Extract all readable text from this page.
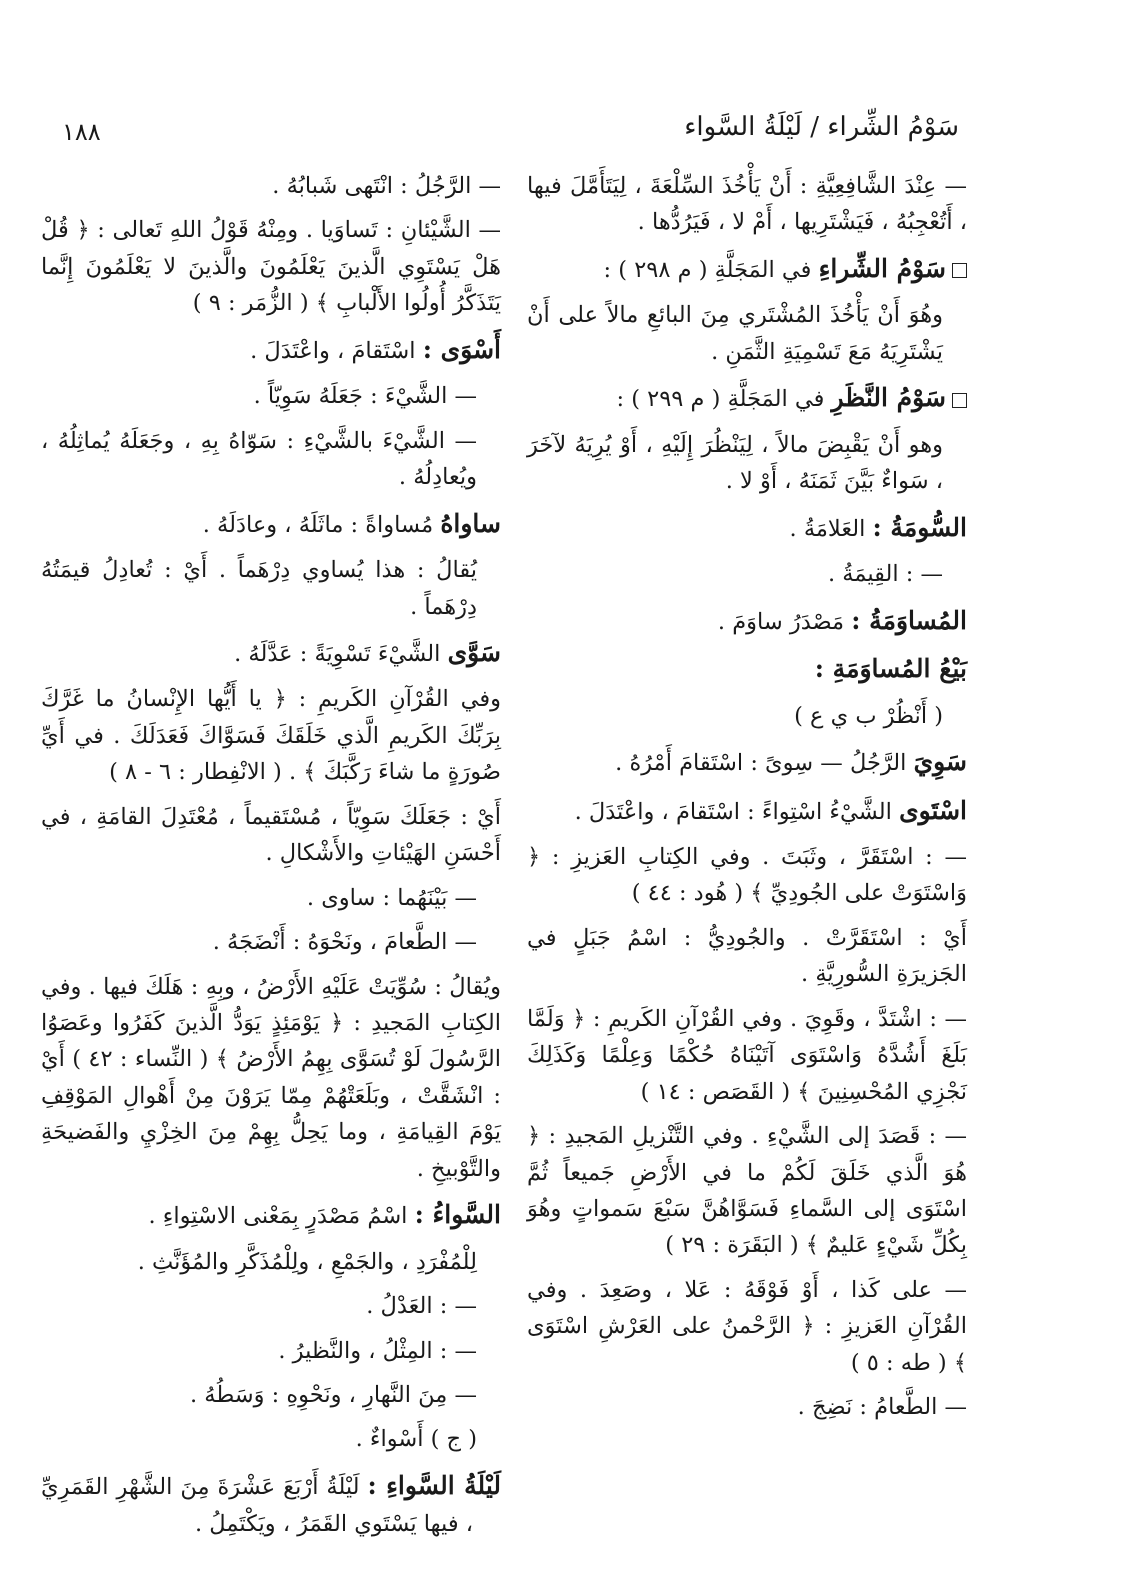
سَوْمُ الشِّراء / لَيْلَةُ السَّواء
١٨٨

— عِنْدَ الشَّافِعِيَّةِ : أَنْ يَأْخُذَ السِّلْعَةَ ، لِيَتَأَمَّلَ فيها ، أَتُعْجِبُهُ ، فَيَشْتَرِيها ، أَمْ لا ، فَيَرُدُّها .

سَوْمُ الشِّراءِ في المَجَلَّةِ ( م ٢٩٨ ) :

وهُوَ أَنْ يَأْخُذَ المُشْتَري مِنَ البائعِ مالاً على أَنْ يَشْتَرِيَهُ مَعَ تَسْمِيَةِ الثَّمَنِ .

سَوْمُ النَّظَرِ في المَجَلَّةِ ( م ٢٩٩ ) :

وهو أَنْ يَقْبِضَ مالاً ، لِيَنْظُرَ إِلَيْهِ ، أَوْ يُرِيَهُ لآخَرَ ، سَواءٌ بَيَّنَ ثَمَنَهُ ، أَوْ لا .

السُّومَةُ : العَلامَةُ .

— : القِيمَةُ .

المُساوَمَةُ : مَصْدَرُ ساوَمَ .

بَيْعُ المُساوَمَةِ :

( أَنْظُرْ ب ي ع )

سَوِيَ الرَّجُلُ — سِوىً : اسْتَقامَ أَمْرُهُ .

اسْتَوى الشَّيْءُ اسْتِواءً : اسْتَقامَ ، واعْتَدَلَ .

— : اسْتَقَرَّ ، وثَبَتَ . وفي الكِتابِ العَزيزِ : ﴿ وَاسْتَوَتْ على الجُودِيِّ ﴾ ( هُود : ٤٤ )

أَيْ : اسْتَقَرَّتْ . والجُودِيُّ : اسْمُ جَبَلٍ في الجَزيرَةِ السُّورِيَّةِ .

— : اشْتَدَّ ، وقَوِيَ . وفي القُرْآنِ الكَريمِ : ﴿ وَلَمَّا بَلَغَ أَشُدَّهُ وَاسْتَوَى آتَيْنَاهُ حُكْمًا وَعِلْمًا وَكَذَلِكَ نَجْزِي المُحْسِنِينَ ﴾ ( القَصَص : ١٤ )

— : قَصَدَ إلى الشَّيْءِ . وفي التَّنْزيلِ المَجيدِ : ﴿ هُوَ الَّذي خَلَقَ لَكُمْ ما في الأَرْضِ جَميعاً ثُمَّ اسْتَوَى إلى السَّماءِ فَسَوَّاهُنَّ سَبْعَ سَمواتٍ وهُوَ بِكُلِّ شَيْءٍ عَليمٌ ﴾ ( البَقَرَة : ٢٩ )

— على كَذا ، أَوْ فَوْقَهُ : عَلا ، وصَعِدَ . وفي القُرْآنِ العَزيزِ : ﴿ الرَّحْمنُ على العَرْشِ اسْتَوَى ﴾ ( طه : ٥ )

— الطَّعامُ : نَضِجَ .

— الرَّجُلُ : انْتَهى شَبابُهُ .

— الشَّيْئانِ : تَساوَيا . ومِنْهُ قَوْلُ اللهِ تَعالى : ﴿ قُلْ هَلْ يَسْتَوِي الَّذينَ يَعْلَمُونَ والَّذينَ لا يَعْلَمُونَ إِنَّما يَتَذَكَّرُ أُولُوا الأَلْبابِ ﴾ ( الزُّمَر : ٩ )

أَسْوَى : اسْتَقامَ ، واعْتَدَلَ .

— الشَّيْءَ : جَعَلَهُ سَوِيّاً .

— الشَّيْءَ بالشَّيْءِ : سَوّاهُ بِهِ ، وجَعَلَهُ يُماثِلُهُ ، ويُعادِلُهُ .

ساواهُ مُساواةً : ماثَلَهُ ، وعادَلَهُ .

يُقالُ : هذا يُساوي دِرْهَماً . أَيْ : تُعادِلُ قيمَتُهُ دِرْهَماً .

سَوَّى الشَّيْءَ تَسْوِيَةً : عَدَّلَهُ .

وفي القُرْآنِ الكَريمِ : ﴿ يا أَيُّها الإِنْسانُ ما غَرَّكَ بِرَبِّكَ الكَريمِ الَّذي خَلَقَكَ فَسَوَّاكَ فَعَدَلَكَ . في أَيِّ صُورَةٍ ما شاءَ رَكَّبَكَ ﴾ . ( الانْفِطار : ٦ - ٨ )

أَيْ : جَعَلَكَ سَوِيّاً ، مُسْتَقيماً ، مُعْتَدِلَ القامَةِ ، في أَحْسَنِ الهَيْئاتِ والأَشْكالِ .

— بَيْنَهُما : ساوى .

— الطَّعامَ ، ونَحْوَهُ : أَنْضَجَهُ .

ويُقالُ : سُوِّيَتْ عَلَيْهِ الأَرْضُ ، وبِهِ : هَلَكَ فيها . وفي الكِتابِ المَجيدِ : ﴿ يَوْمَئِذٍ يَوَدُّ الَّذينَ كَفَرُوا وعَصَوُا الرَّسُولَ لَوْ تُسَوَّى بِهِمُ الأَرْضُ ﴾ ( النِّساء : ٤٢ ) أَيْ : انْشَقَّتْ ، وبَلَعَتْهُمْ مِمّا يَرَوْنَ مِنْ أَهْوالِ المَوْقِفِ يَوْمَ القِيامَةِ ، وما يَحِلُّ بِهِمْ مِنَ الخِزْيِ والفَضيحَةِ والتَّوْبيخِ .

السَّواءُ : اسْمُ مَصْدَرٍ بِمَعْنى الاسْتِواءِ .

لِلْمُفْرَدِ ، والجَمْعِ ، ولِلْمُذَكَّرِ والمُؤَنَّثِ .

— : العَدْلُ .

— : المِثْلُ ، والنَّظيرُ .

— مِنَ النَّهارِ ، ونَحْوِهِ : وَسَطُهُ .

( ج ) أَسْواءٌ .

لَيْلَةُ السَّواءِ : لَيْلَةُ أَرْبَعَ عَشْرَةَ مِنَ الشَّهْرِ القَمَرِيِّ ، فيها يَسْتَوي القَمَرُ ، ويَكْتَمِلُ .
